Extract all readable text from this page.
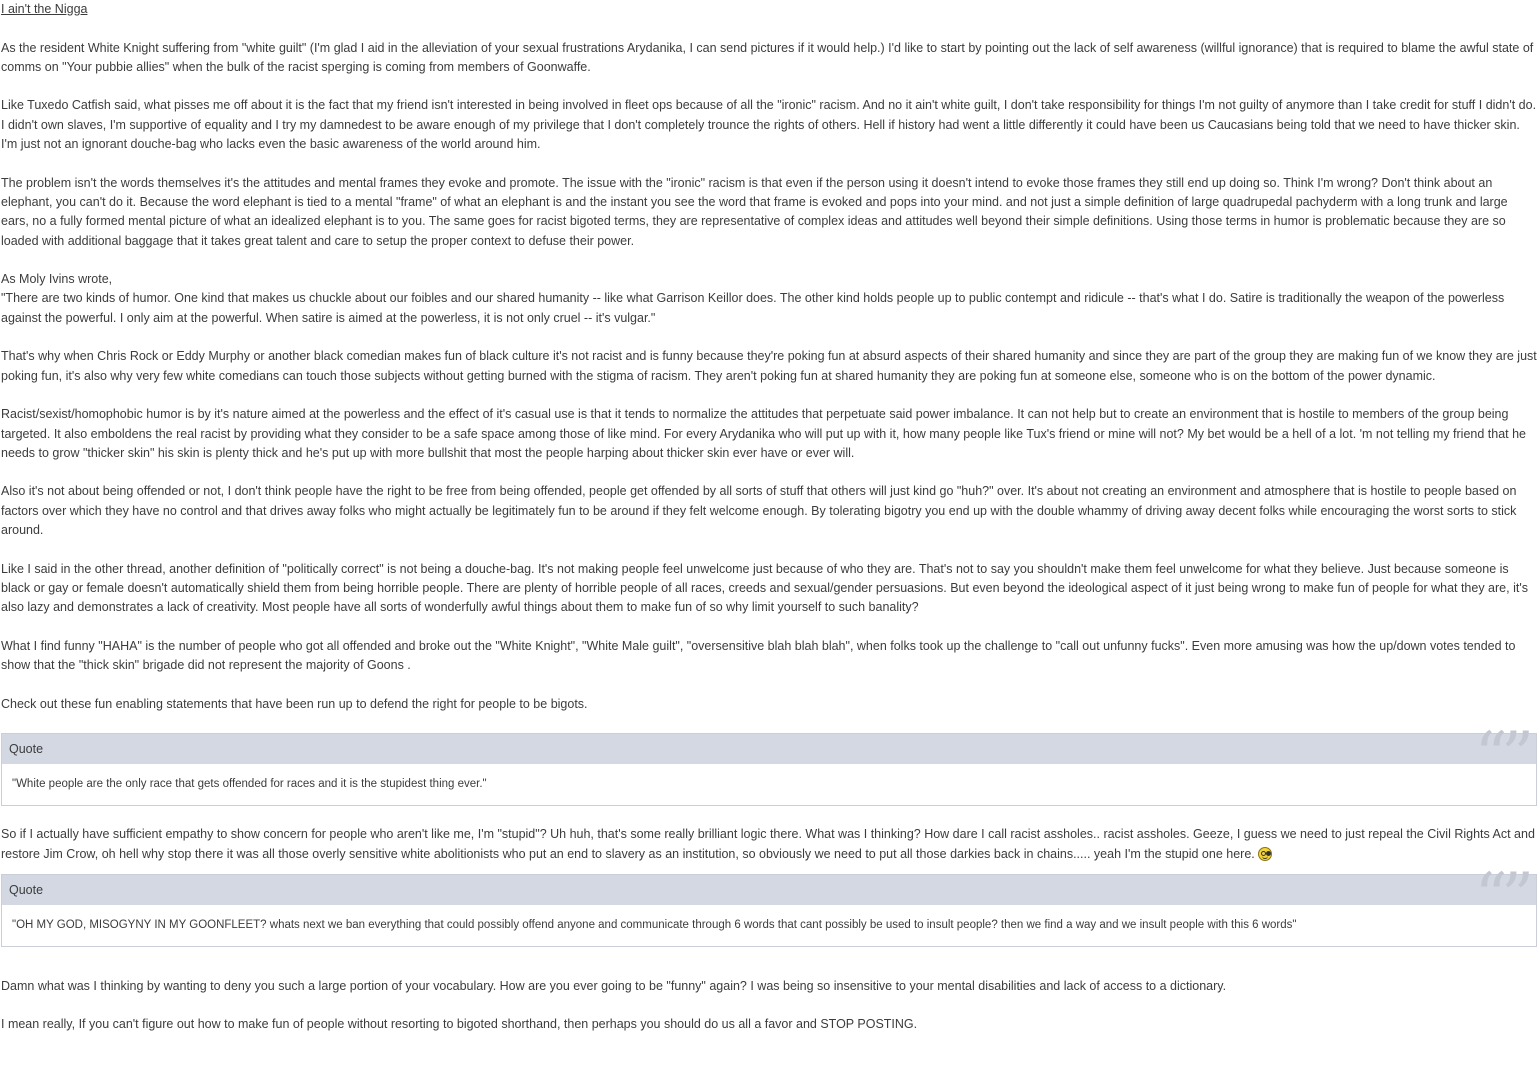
I ain't the Nigga

As the resident White Knight suffering from "white guilt" (I'm glad I aid in the alleviation of your sexual frustrations Arydanika, I can send pictures if it would help.) I'd like to start by pointing out the lack of self awareness (willful ignorance) that is required to blame the awful state of comms on "Your pubbie allies" when the bulk of the racist sperging is coming from members of Goonwaffe.

Like Tuxedo Catfish said, what pisses me off about it is the fact that my friend isn't interested in being involved in fleet ops because of all the "ironic" racism. And no it ain't white guilt, I don't take responsibility for things I'm not guilty of anymore than I take credit for stuff I didn't do. I didn't own slaves, I'm supportive of equality and I try my damnedest to be aware enough of my privilege that I don't completely trounce the rights of others. Hell if history had went a little differently it could have been us Caucasians being told that we need to have thicker skin. I'm just not an ignorant douche-bag who lacks even the basic awareness of the world around him.

The problem isn't the words themselves it's the attitudes and mental frames they evoke and promote. The issue with the "ironic" racism is that even if the person using it doesn't intend to evoke those frames they still end up doing so. Think I'm wrong? Don't think about an elephant, you can't do it. Because the word elephant is tied to a mental "frame" of what an elephant is and the instant you see the word that frame is evoked and pops into your mind. and not just a simple definition of large quadrupedal pachyderm with a long trunk and large ears, no a fully formed mental picture of what an idealized elephant is to you. The same goes for racist bigoted terms, they are representative of complex ideas and attitudes well beyond their simple definitions. Using those terms in humor is problematic because they are so loaded with additional baggage that it takes great talent and care to setup the proper context to defuse their power.

As Moly Ivins wrote,
"There are two kinds of humor. One kind that makes us chuckle about our foibles and our shared humanity -- like what Garrison Keillor does. The other kind holds people up to public contempt and ridicule -- that's what I do. Satire is traditionally the weapon of the powerless against the powerful. I only aim at the powerful. When satire is aimed at the powerless, it is not only cruel -- it's vulgar."

That's why when Chris Rock or Eddy Murphy or another black comedian makes fun of black culture it's not racist and is funny because they're poking fun at absurd aspects of their shared humanity and since they are part of the group they are making fun of we know they are just poking fun, it's also why very few white comedians can touch those subjects without getting burned with the stigma of racism. They aren't poking fun at shared humanity they are poking fun at someone else, someone who is on the bottom of the power dynamic.

Racist/sexist/homophobic humor is by it's nature aimed at the powerless and the effect of it's casual use is that it tends to normalize the attitudes that perpetuate said power imbalance. It can not help but to create an environment that is hostile to members of the group being targeted. It also emboldens the real racist by providing what they consider to be a safe space among those of like mind. For every Arydanika who will put up with it, how many people like Tux's friend or mine will not? My bet would be a hell of a lot. 'm not telling my friend that he needs to grow "thicker skin" his skin is plenty thick and he's put up with more bullshit that most the people harping about thicker skin ever have or ever will.

Also it's not about being offended or not, I don't think people have the right to be free from being offended, people get offended by all sorts of stuff that others will just kind go "huh?" over. It's about not creating an environment and atmosphere that is hostile to people based on factors over which they have no control and that drives away folks who might actually be legitimately fun to be around if they felt welcome enough. By tolerating bigotry you end up with the double whammy of driving away decent folks while encouraging the worst sorts to stick around.

Like I said in the other thread, another definition of "politically correct" is not being a douche-bag. It's not making people feel unwelcome just because of who they are. That's not to say you shouldn't make them feel unwelcome for what they believe. Just because someone is black or gay or female doesn't automatically shield them from being horrible people. There are plenty of horrible people of all races, creeds and sexual/gender persuasions. But even beyond the ideological aspect of it just being wrong to make fun of people for what they are, it's also lazy and demonstrates a lack of creativity. Most people have all sorts of wonderfully awful things about them to make fun of so why limit yourself to such banality?

What I find funny "HAHA" is the number of people who got all offended and broke out the "White Knight", "White Male guilt", "oversensitive blah blah blah", when folks took up the challenge to "call out unfunny fucks". Even more amusing was how the up/down votes tended to show that the "thick skin" brigade did not represent the majority of Goons .

Check out these fun enabling statements that have been run up to defend the right for people to be bigots.

Quote	“”
"White people are the only race that gets offended for races and it is the stupidest thing ever."

So if I actually have sufficient empathy to show concern for people who aren't like me, I'm "stupid"? Uh huh, that's some really brilliant logic there. What was I thinking? How dare I call racist assholes.. racist assholes. Geeze, I guess we need to just repeal the Civil Rights Act and restore Jim Crow, oh hell why stop there it was all those overly sensitive white abolitionists who put an end to slavery as an institution, so obviously we need to put all those darkies back in chains..... yeah I'm the stupid one here.

Quote	“”
"OH MY GOD, MISOGYNY IN MY GOONFLEET? whats next we ban everything that could possibly offend anyone and communicate through 6 words that cant possibly be used to insult people? then we find a way and we insult people with this 6 words"

Damn what was I thinking by wanting to deny you such a large portion of your vocabulary. How are you ever going to be "funny" again? I was being so insensitive to your mental disabilities and lack of access to a dictionary.

I mean really, If you can't figure out how to make fun of people without resorting to bigoted shorthand, then perhaps you should do us all a favor and STOP POSTING.
